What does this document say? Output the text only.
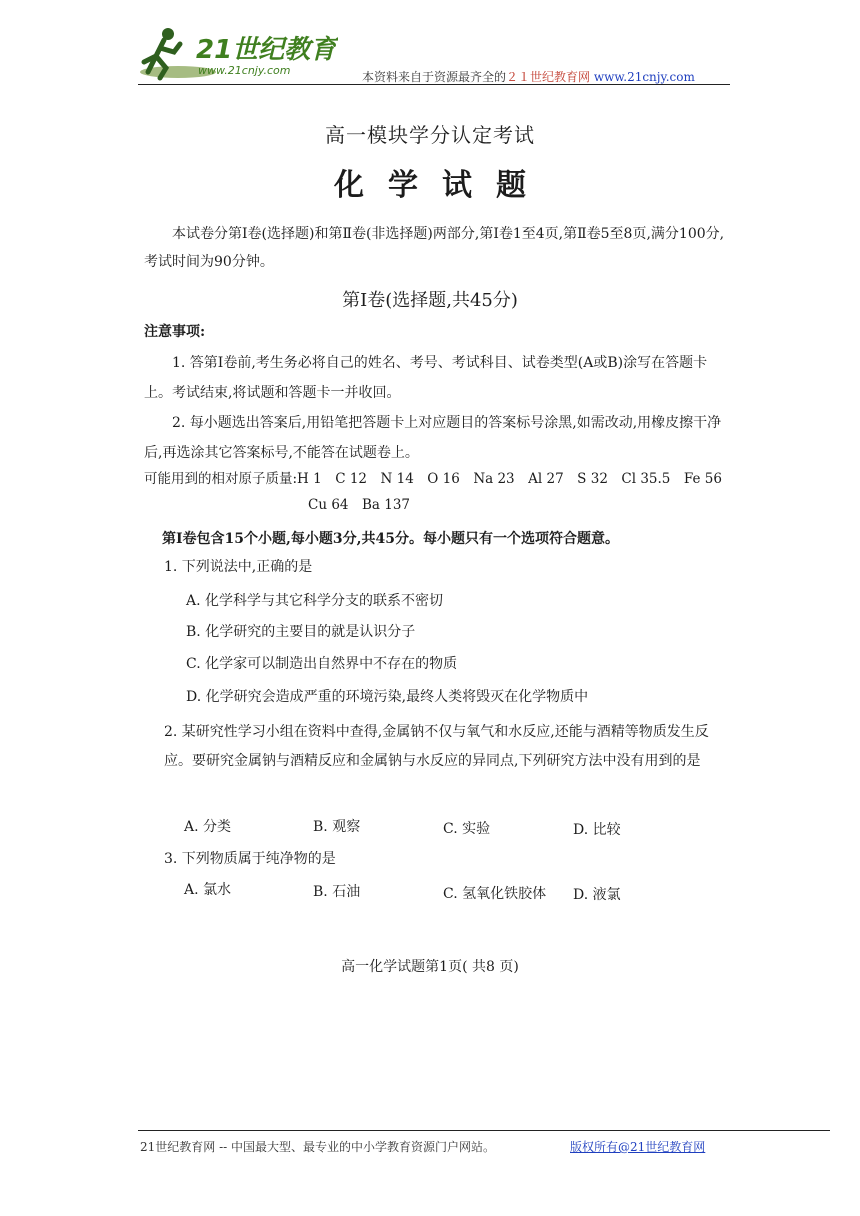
21世纪教育
www.21cnjy.com	本资料来自于资源最齐全的２１世纪教育网 www.21cnjy.com
高一模块学分认定考试
化学试题
本试卷分第Ⅰ卷(选择题)和第Ⅱ卷(非选择题)两部分,第Ⅰ卷1至4页,第Ⅱ卷5至8页,满分100分,考试时间为90分钟。
第Ⅰ卷(选择题,共45分)
注意事项:
1. 答第Ⅰ卷前,考生务必将自己的姓名、考号、考试科目、试卷类型(A或B)涂写在答题卡上。考试结束,将试题和答题卡一并收回。
2. 每小题选出答案后,用铅笔把答题卡上对应题目的答案标号涂黑,如需改动,用橡皮擦干净后,再选涂其它答案标号,不能答在试题卷上。
可能用到的相对原子质量:H 1　C 12　N 14　O 16　Na 23　Al 27　S 32　Cl 35.5　Fe 56
Cu 64　Ba 137
第Ⅰ卷包含15个小题,每小题3分,共45分。每小题只有一个选项符合题意。
1. 下列说法中,正确的是
A. 化学科学与其它科学分支的联系不密切
B. 化学研究的主要目的就是认识分子
C. 化学家可以制造出自然界中不存在的物质
D. 化学研究会造成严重的环境污染,最终人类将毁灭在化学物质中
2. 某研究性学习小组在资料中查得,金属钠不仅与氧气和水反应,还能与酒精等物质发生反应。要研究金属钠与酒精反应和金属钠与水反应的异同点,下列研究方法中没有用到的是
A. 分类	B. 观察	C. 实验	D. 比较
3. 下列物质属于纯净物的是
A. 氯水	B. 石油	C. 氢氧化铁胶体 D. 液氯
高一化学试题第1页( 共8 页)
21世纪教育网 -- 中国最大型、最专业的中小学教育资源门户网站。	版权所有@21世纪教育网
